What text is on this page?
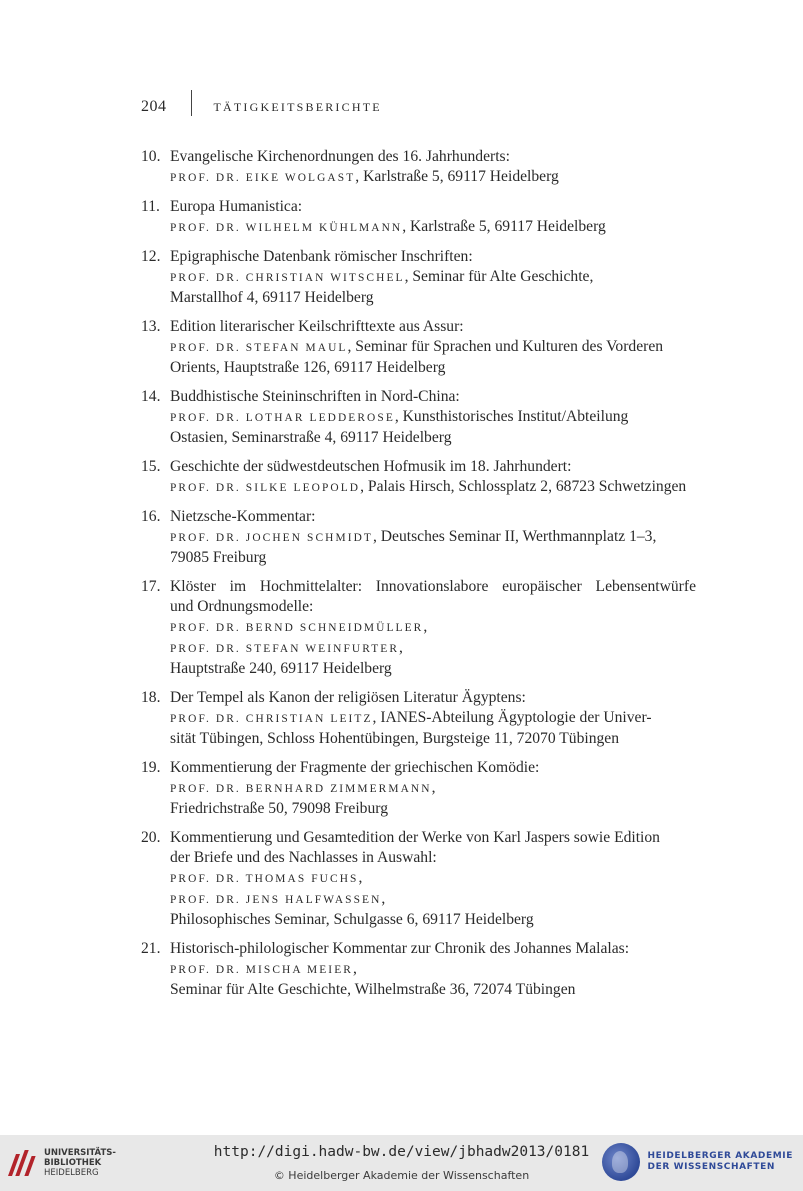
204	TÄTIGKEITSBERICHTE
10. Evangelische Kirchenordnungen des 16. Jahrhunderts:
PROF. DR. EIKE WOLGAST, Karlstraße 5, 69117 Heidelberg
11. Europa Humanistica:
PROF. DR. WILHELM KÜHLMANN, Karlstraße 5, 69117 Heidelberg
12. Epigraphische Datenbank römischer Inschriften:
PROF. DR. CHRISTIAN WITSCHEL, Seminar für Alte Geschichte,
Marstallhof 4, 69117 Heidelberg
13. Edition literarischer Keilschrifttexte aus Assur:
PROF. DR. STEFAN MAUL, Seminar für Sprachen und Kulturen des Vorderen
Orients, Hauptstraße 126, 69117 Heidelberg
14. Buddhistische Steininschriften in Nord-China:
PROF. DR. LOTHAR LEDDEROSE, Kunsthistorisches Institut/Abteilung
Ostasien, Seminarstraße 4, 69117 Heidelberg
15. Geschichte der südwestdeutschen Hofmusik im 18. Jahrhundert:
PROF. DR. SILKE LEOPOLD, Palais Hirsch, Schlossplatz 2, 68723 Schwetzingen
16. Nietzsche-Kommentar:
PROF. DR. JOCHEN SCHMIDT, Deutsches Seminar II, Werthmannplatz 1–3,
79085 Freiburg
17. Klöster im Hochmittelalter: Innovationslabore europäischer Lebensentwürfe
und Ordnungsmodelle:
PROF. DR. BERND SCHNEIDMÜLLER,
PROF. DR. STEFAN WEINFURTER,
Hauptstraße 240, 69117 Heidelberg
18. Der Tempel als Kanon der religiösen Literatur Ägyptens:
PROF. DR. CHRISTIAN LEITZ, IANES-Abteilung Ägyptologie der Univer-
sität Tübingen, Schloss Hohentübingen, Burgsteige 11, 72070 Tübingen
19. Kommentierung der Fragmente der griechischen Komödie:
PROF. DR. BERNHARD ZIMMERMANN,
Friedrichstraße 50, 79098 Freiburg
20. Kommentierung und Gesamtedition der Werke von Karl Jaspers sowie Edition
der Briefe und des Nachlasses in Auswahl:
PROF. DR. THOMAS FUCHS,
PROF. DR. JENS HALFWASSEN,
Philosophisches Seminar, Schulgasse 6, 69117 Heidelberg
21. Historisch-philologischer Kommentar zur Chronik des Johannes Malalas:
PROF. DR. MISCHA MEIER,
Seminar für Alte Geschichte, Wilhelmstraße 36, 72074 Tübingen
UNIVERSITÄTS-
BIBLIOTHEK
HEIDELBERG
http://digi.hadw-bw.de/view/jbhadw2013/0181
© Heidelberger Akademie der Wissenschaften
HEIDELBERGER AKADEMIE
DER WISSENSCHAFTEN
